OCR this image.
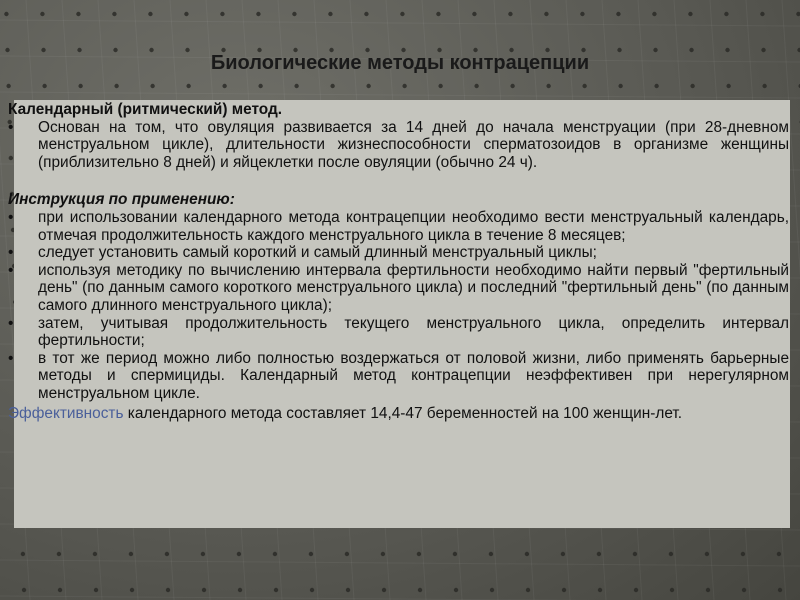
Биологические методы контрацепции
Календарный (ритмический) метод.
•	Основан на том, что овуляция развивается за 14 дней до начала менструации (при 28-дневном менструальном цикле), длительности жизнеспособности сперматозоидов в организме женщины (приблизительно 8 дней) и яйцеклетки после овуляции (обычно 24 ч).
Инструкция по применению:
•	при использовании календарного метода контрацепции необходимо вести менструальный календарь, отмечая продолжительность каждого менструального цикла в течение 8 месяцев;
•	следует установить самый короткий и самый длинный менструальный циклы;
•	используя методику по вычислению интервала фертильности необходимо найти первый "фертильный день" (по данным самого короткого менструального цикла) и последний "фертильный день" (по данным самого длинного менструального цикла);
•	затем, учитывая продолжительность текущего менструального цикла, определить интервал фертильности;
•	в тот же период можно либо полностью воздержаться от половой жизни, либо применять барьерные методы и спермициды. Календарный метод контрацепции неэффективен при нерегулярном менструальном цикле.
Эффективность календарного метода составляет 14,4-47 беременностей на 100 женщин-лет.
